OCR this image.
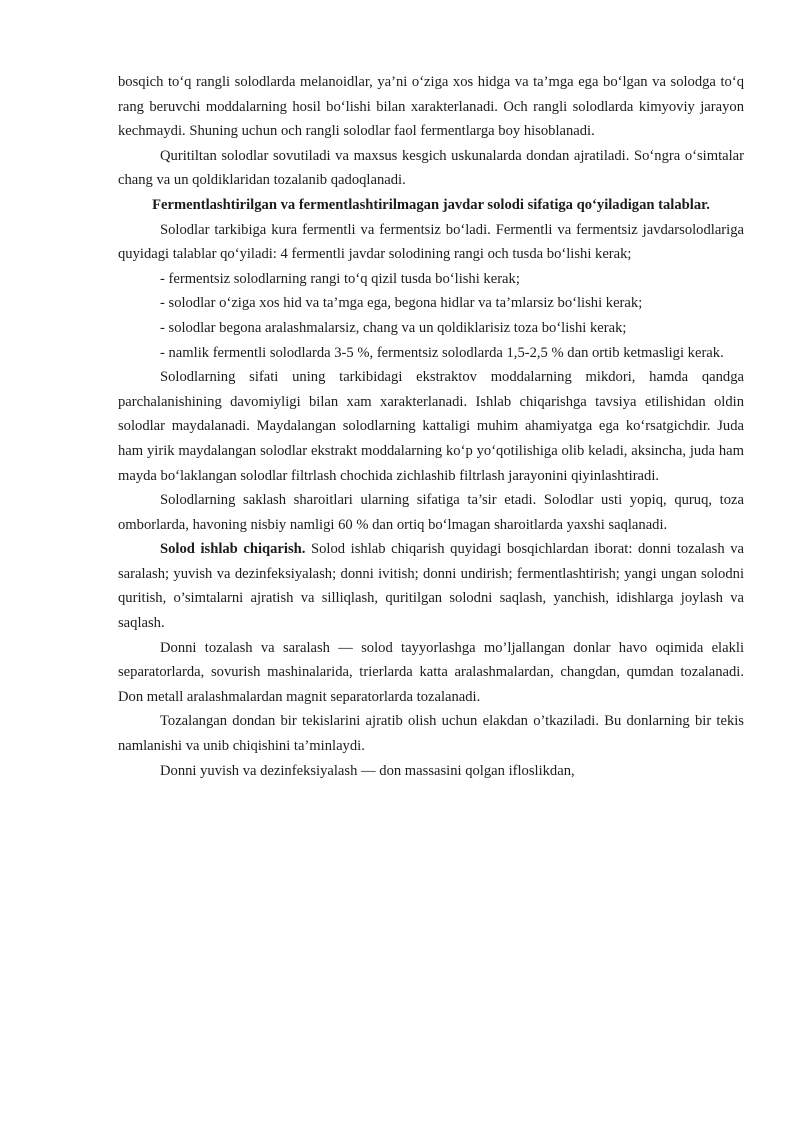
bosqich to‘q rangli solodlarda melanoidlar, ya’ni o‘ziga xos hidga va ta’mga ega bo‘lgan va solodga to‘q rang beruvchi moddalarning hosil bo‘lishi bilan xarakterlanadi. Och rangli solodlarda kimyoviy jarayon kechmaydi. Shuning uchun och rangli solodlar faol fermentlarga boy hisoblanadi.

Quritiltan solodlar sovutiladi va maxsus kesgich uskunalarda dondan ajratiladi. So‘ngra o‘simtalar chang va un qoldiklaridan tozalanib qadoqlanadi.

Fermentlashtirilgan va fermentlashtirilmagan javdar solodi sifatiga qo‘yiladigan talablar.

Solodlar tarkibiga kura fermentli va fermentsiz bo‘ladi. Fermentli va fermentsiz javdarsolodlariga quyidagi talablar qo‘yiladi: 4 fermentli javdar solodining rangi och tusda bo‘lishi kerak;

- fermentsiz solodlarning rangi to‘q qizil tusda bo‘lishi kerak;

- solodlar o‘ziga xos hid va ta’mga ega, begona hidlar va ta’mlarsiz bo‘lishi kerak;

- solodlar begona aralashmalarsiz, chang va un qoldiklarisiz toza bo‘lishi kerak;

- namlik fermentli solodlarda 3-5 %, fermentsiz solodlarda 1,5-2,5 % dan ortib ketmasligi kerak.

Solodlarning sifati uning tarkibidagi ekstraktov moddalarning mikdori, hamda qandga parchalanishining davomiyligi bilan xam xarakterlanadi. Ishlab chiqarishga tavsiya etilishidan oldin solodlar maydalanadi. Maydalangan solodlarning kattaligi muhim ahamiyatga ega ko‘rsatgichdir. Juda ham yirik maydalangan solodlar ekstrakt moddalarning ko‘p yo‘qotilishiga olib keladi, aksincha, juda ham mayda bo‘laklangan solodlar filtrlash chochida zichlashib filtrlash jarayonini qiyinlashtiradi.

Solodlarning saklash sharoitlari ularning sifatiga ta’sir etadi. Solodlar usti yopiq, quruq, toza omborlarda, havoning nisbiy namligi 60 % dan ortiq bo‘lmagan sharoitlarda yaxshi saqlanadi.

Solod ishlab chiqarish. Solod ishlab chiqarish quyidagi bosqichlardan iborat: donni tozalash va saralash; yuvish va dezinfeksiyalash; donni ivitish; donni undirish; fermentlashtirish; yangi ungan solodni quritish, o’simtalarni ajratish va silliqlash, quritilgan solodni saqlash, yanchish, idishlarga joylash va saqlash.

Donni tozalash va saralash — solod tayyorlashga mo’ljallangan donlar havo oqimida elakli separatorlarda, sovurish mashinalarida, trierlarda katta aralashmalardan, changdan, qumdan tozalanadi. Don metall aralashmalardan magnit separatorlarda tozalanadi.

Tozalangan dondan bir tekislarini ajratib olish uchun elakdan o’tkaziladi. Bu donlarning bir tekis namlanishi va unib chiqishini ta’minlaydi.

Donni yuvish va dezinfeksiyalash — don massasini qolgan ifloslikdan,
